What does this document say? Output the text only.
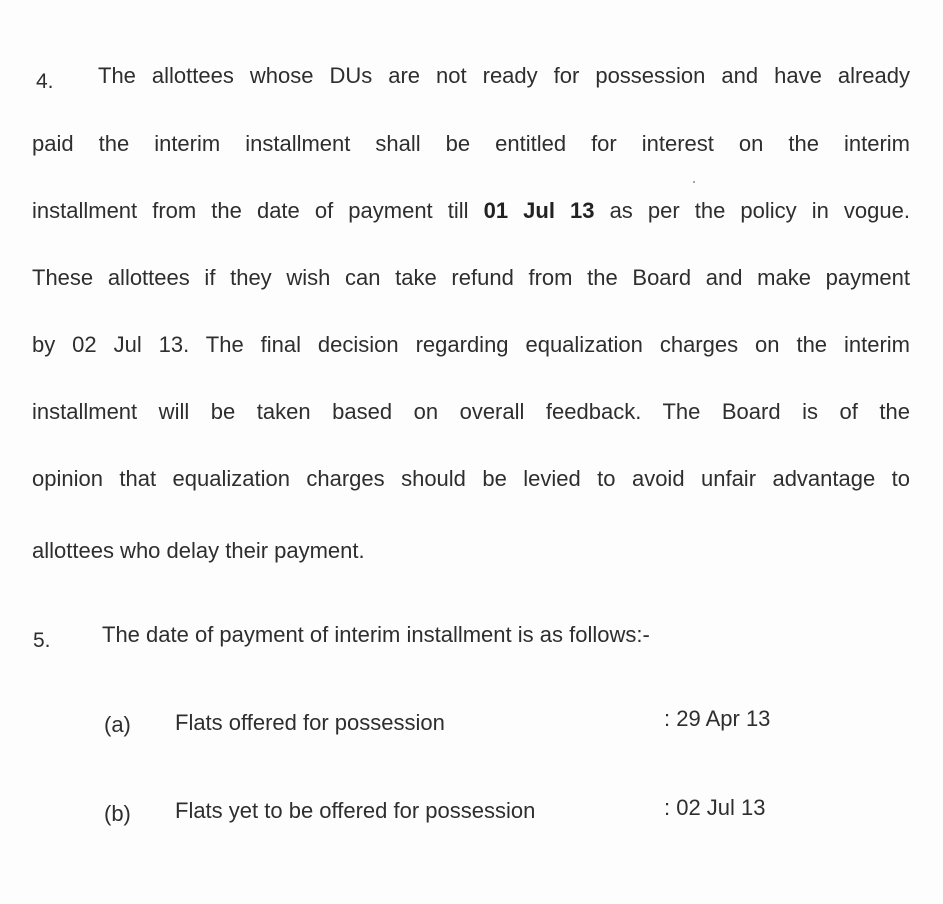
4. The allottees whose DUs are not ready for possession and have already
paid the interim installment shall be entitled for interest on the interim
installment from the date of payment till 01 Jul 13 as per the policy in vogue.
These allottees if they wish can take refund from the Board and make payment
by 02 Jul 13. The final decision regarding equalization charges on the interim
installment will be taken based on overall feedback. The Board is of the
opinion that equalization charges should be levied to avoid unfair advantage to
allottees who delay their payment.
5. The date of payment of interim installment is as follows:-
(a) Flats offered for possession	: 29 Apr 13
(b) Flats yet to be offered for possession	: 02 Jul 13
